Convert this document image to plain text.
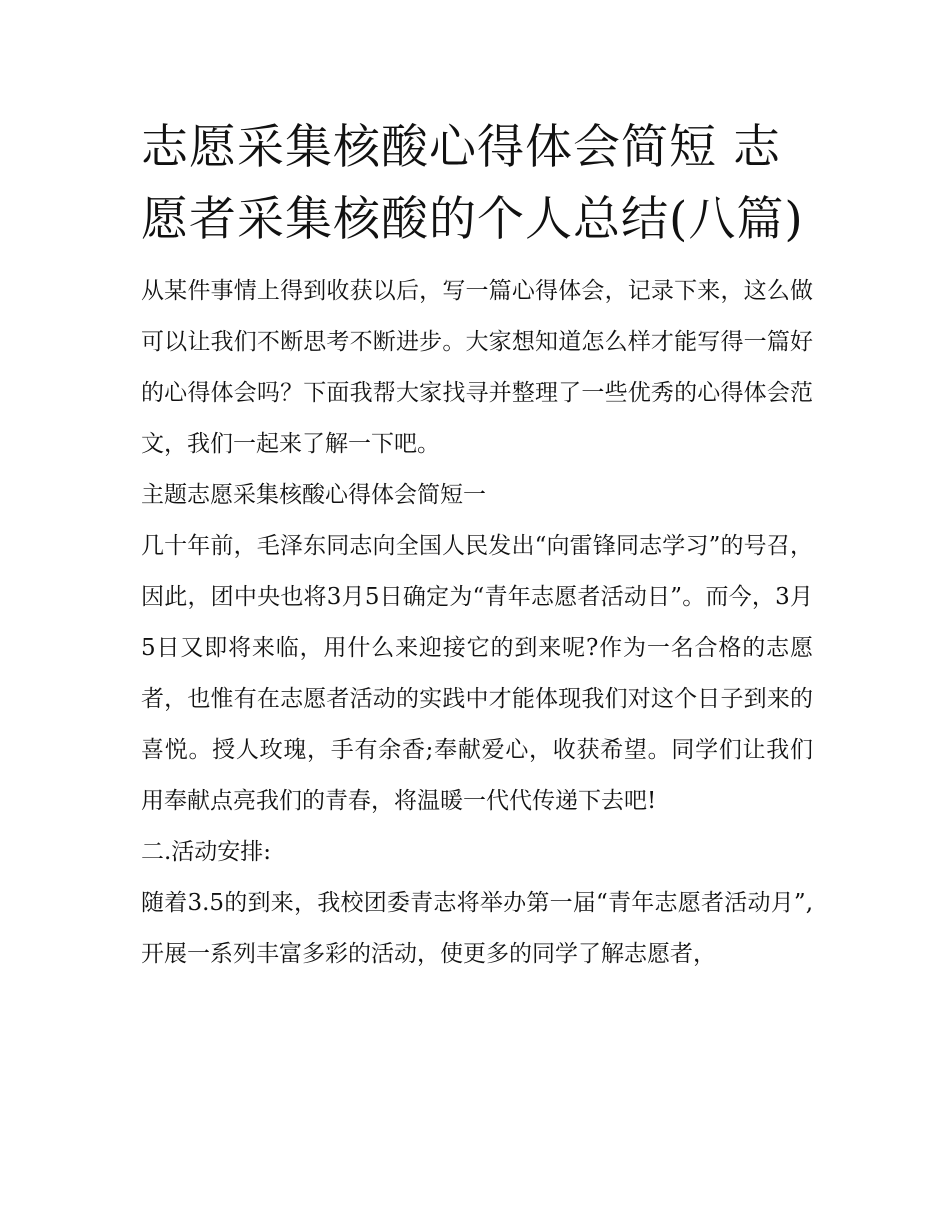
志愿采集核酸心得体会简短 志愿者采集核酸的个人总结(八篇)

从某件事情上得到收获以后，写一篇心得体会，记录下来，这么做可以让我们不断思考不断进步。大家想知道怎么样才能写得一篇好的心得体会吗？下面我帮大家找寻并整理了一些优秀的心得体会范文，我们一起来了解一下吧。

主题志愿采集核酸心得体会简短一

几十年前，毛泽东同志向全国人民发出“向雷锋同志学习”的号召，因此，团中央也将3月5日确定为“青年志愿者活动日”。而今，3月5日又即将来临，用什么来迎接它的到来呢?作为一名合格的志愿者，也惟有在志愿者活动的实践中才能体现我们对这个日子到来的喜悦。授人玫瑰，手有余香;奉献爱心，收获希望。同学们让我们用奉献点亮我们的青春，将温暖一代代传递下去吧!

二.活动安排:

随着3.5的到来，我校团委青志将举办第一届“青年志愿者活动月”,开展一系列丰富多彩的活动，使更多的同学了解志愿者，
